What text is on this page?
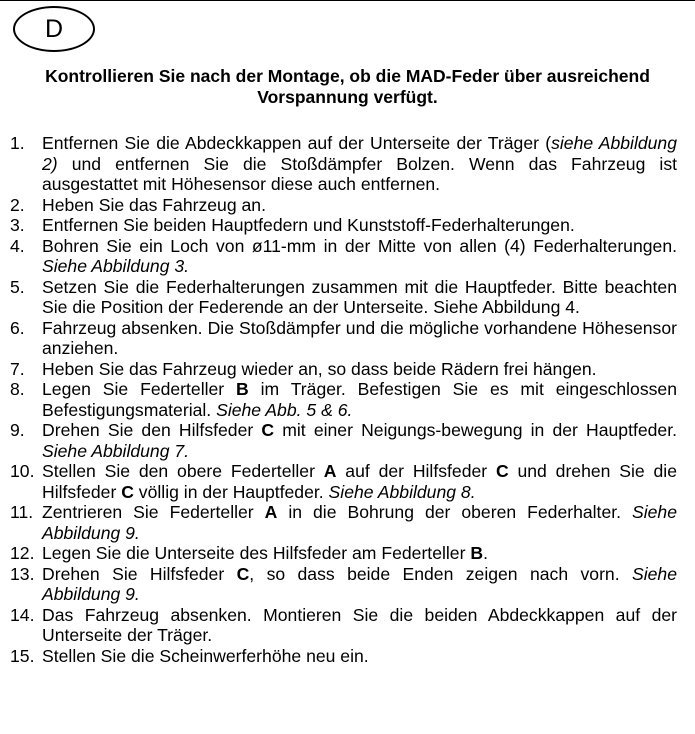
D
Kontrollieren Sie nach der Montage, ob die MAD-Feder über ausreichend Vorspannung verfügt.
1. Entfernen Sie die Abdeckkappen auf der Unterseite der Träger (siehe Abbildung 2) und entfernen Sie die Stoßdämpfer Bolzen. Wenn das Fahrzeug ist ausgestattet mit Höhesensor diese auch entfernen.
2. Heben Sie das Fahrzeug an.
3. Entfernen Sie beiden Hauptfedern und Kunststoff-Federhalterungen.
4. Bohren Sie ein Loch von ø11-mm in der Mitte von allen (4) Federhalterungen. Siehe Abbildung 3.
5. Setzen Sie die Federhalterungen zusammen mit die Hauptfeder. Bitte beachten Sie die Position der Federende an der Unterseite. Siehe Abbildung 4.
6. Fahrzeug absenken. Die Stoßdämpfer und die mögliche vorhandene Höhesensor anziehen.
7. Heben Sie das Fahrzeug wieder an, so dass beide Rädern frei hängen.
8. Legen Sie Federteller B im Träger. Befestigen Sie es mit eingeschlossen Befestigungsmaterial. Siehe Abb. 5 & 6.
9. Drehen Sie den Hilfsfeder C mit einer Neigungs-bewegung in der Hauptfeder. Siehe Abbildung 7.
10. Stellen Sie den obere Federteller A auf der Hilfsfeder C und drehen Sie die Hilfsfeder C völlig in der Hauptfeder. Siehe Abbildung 8.
11. Zentrieren Sie Federteller A in die Bohrung der oberen Federhalter. Siehe Abbildung 9.
12. Legen Sie die Unterseite des Hilfsfeder am Federteller B.
13. Drehen Sie Hilfsfeder C, so dass beide Enden zeigen nach vorn. Siehe Abbildung 9.
14. Das Fahrzeug absenken. Montieren Sie die beiden Abdeckkappen auf der Unterseite der Träger.
15. Stellen Sie die Scheinwerferhöhe neu ein.
